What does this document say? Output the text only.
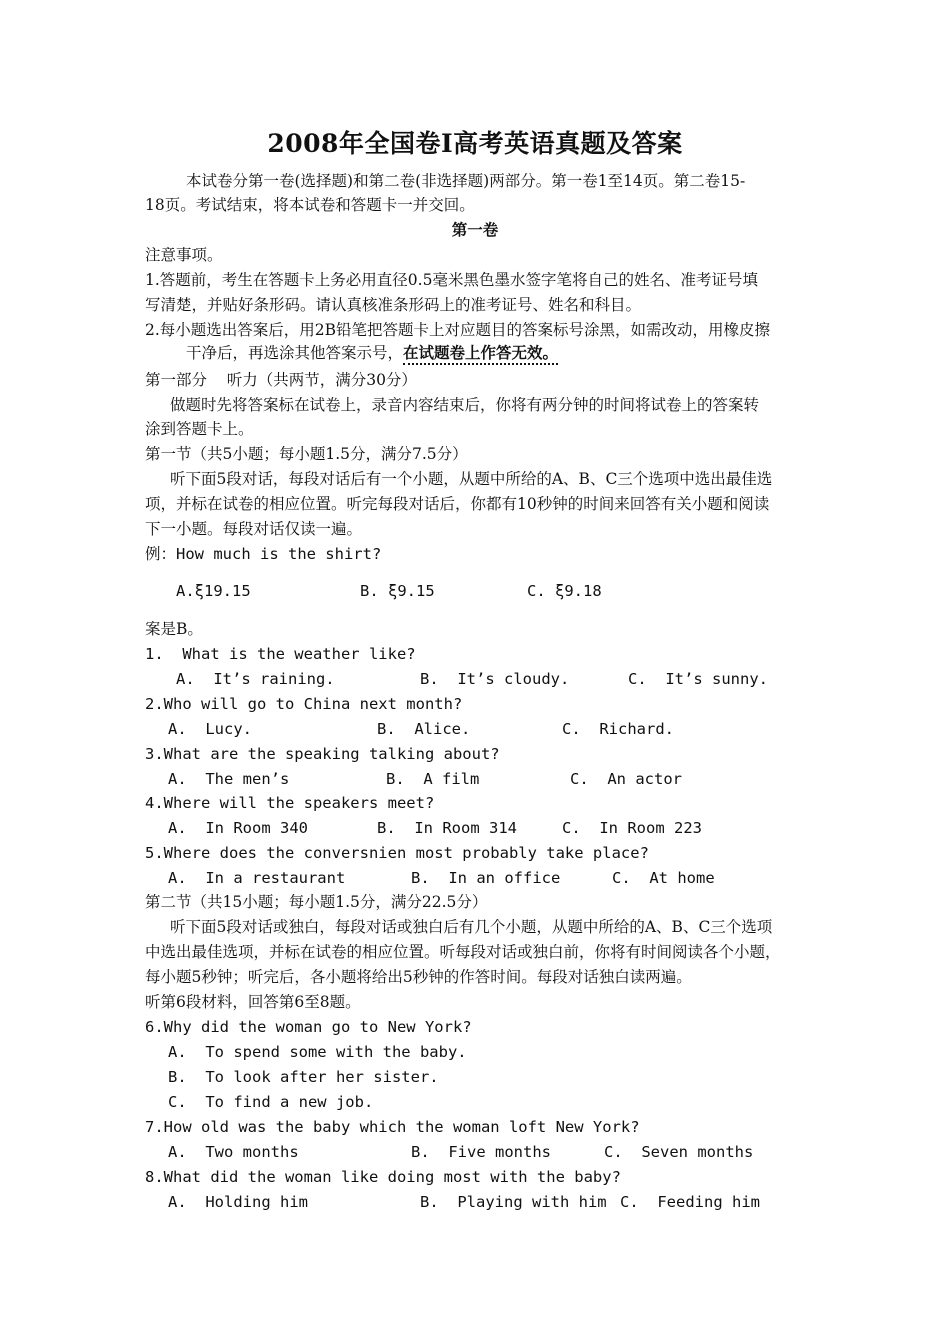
2008年全国卷Ⅰ高考英语真题及答案
本试卷分第一卷(选择题)和第二卷(非选择题)两部分。第一卷1至14页。第二卷15-
18页。考试结束，将本试卷和答题卡一并交回。
第一卷
注意事项。
1.答题前，考生在答题卡上务必用直径0.5毫米黑色墨水签字笔将自己的姓名、准考证号填
写清楚，并贴好条形码。请认真核准条形码上的准考证号、姓名和科目。
2.每小题选出答案后，用2B铅笔把答题卡上对应题目的答案标号涂黑，如需改动，用橡皮擦
干净后，再选涂其他答案示号，在试题卷上作答无效。
第一部分    听力（共两节，满分30分）
做题时先将答案标在试卷上，录音内容结束后，你将有两分钟的时间将试卷上的答案转
涂到答题卡上。
第一节（共5小题；每小题1.5分，满分7.5分）
听下面5段对话，每段对话后有一个小题，从题中所给的A、B、C三个选项中选出最佳选
项，并标在试卷的相应位置。听完每段对话后，你都有10秒钟的时间来回答有关小题和阅读
下一小题。每段对话仅读一遍。
例：How much is the shirt?
A.ξ19.15	B. ξ9.15	C. ξ9.18
案是B。
1.  What is the weather like?
A.  It’s raining.	B.  It’s cloudy.	C.  It’s sunny.
2.Who will go to China next month?
A.  Lucy.	B.  Alice.	C.  Richard.
3.What are the speaking talking about?
A.  The men’s	B.  A film	C.  An actor
4.Where will the speakers meet?
A.  In Room 340	B.  In Room 314	C.  In Room 223
5.Where does the conversnien most probably take place?
A.  In a restaurant	B.  In an office	C.  At home
第二节（共15小题；每小题1.5分，满分22.5分）
听下面5段对话或独白，每段对话或独白后有几个小题，从题中所给的A、B、C三个选项
中选出最佳选项，并标在试卷的相应位置。听每段对话或独白前，你将有时间阅读各个小题，
每小题5秒钟；听完后，各小题将给出5秒钟的作答时间。每段对话独白读两遍。
听第6段材料，回答第6至8题。
6.Why did the woman go to New York?
A.  To spend some with the baby.
B.  To look after her sister.
C.  To find a new job.
7.How old was the baby which the woman loft New York?
A.  Two months	B.  Five months	C.  Seven months
8.What did the woman like doing most with the baby?
A.  Holding him	B.  Playing with him C.  Feeding him
